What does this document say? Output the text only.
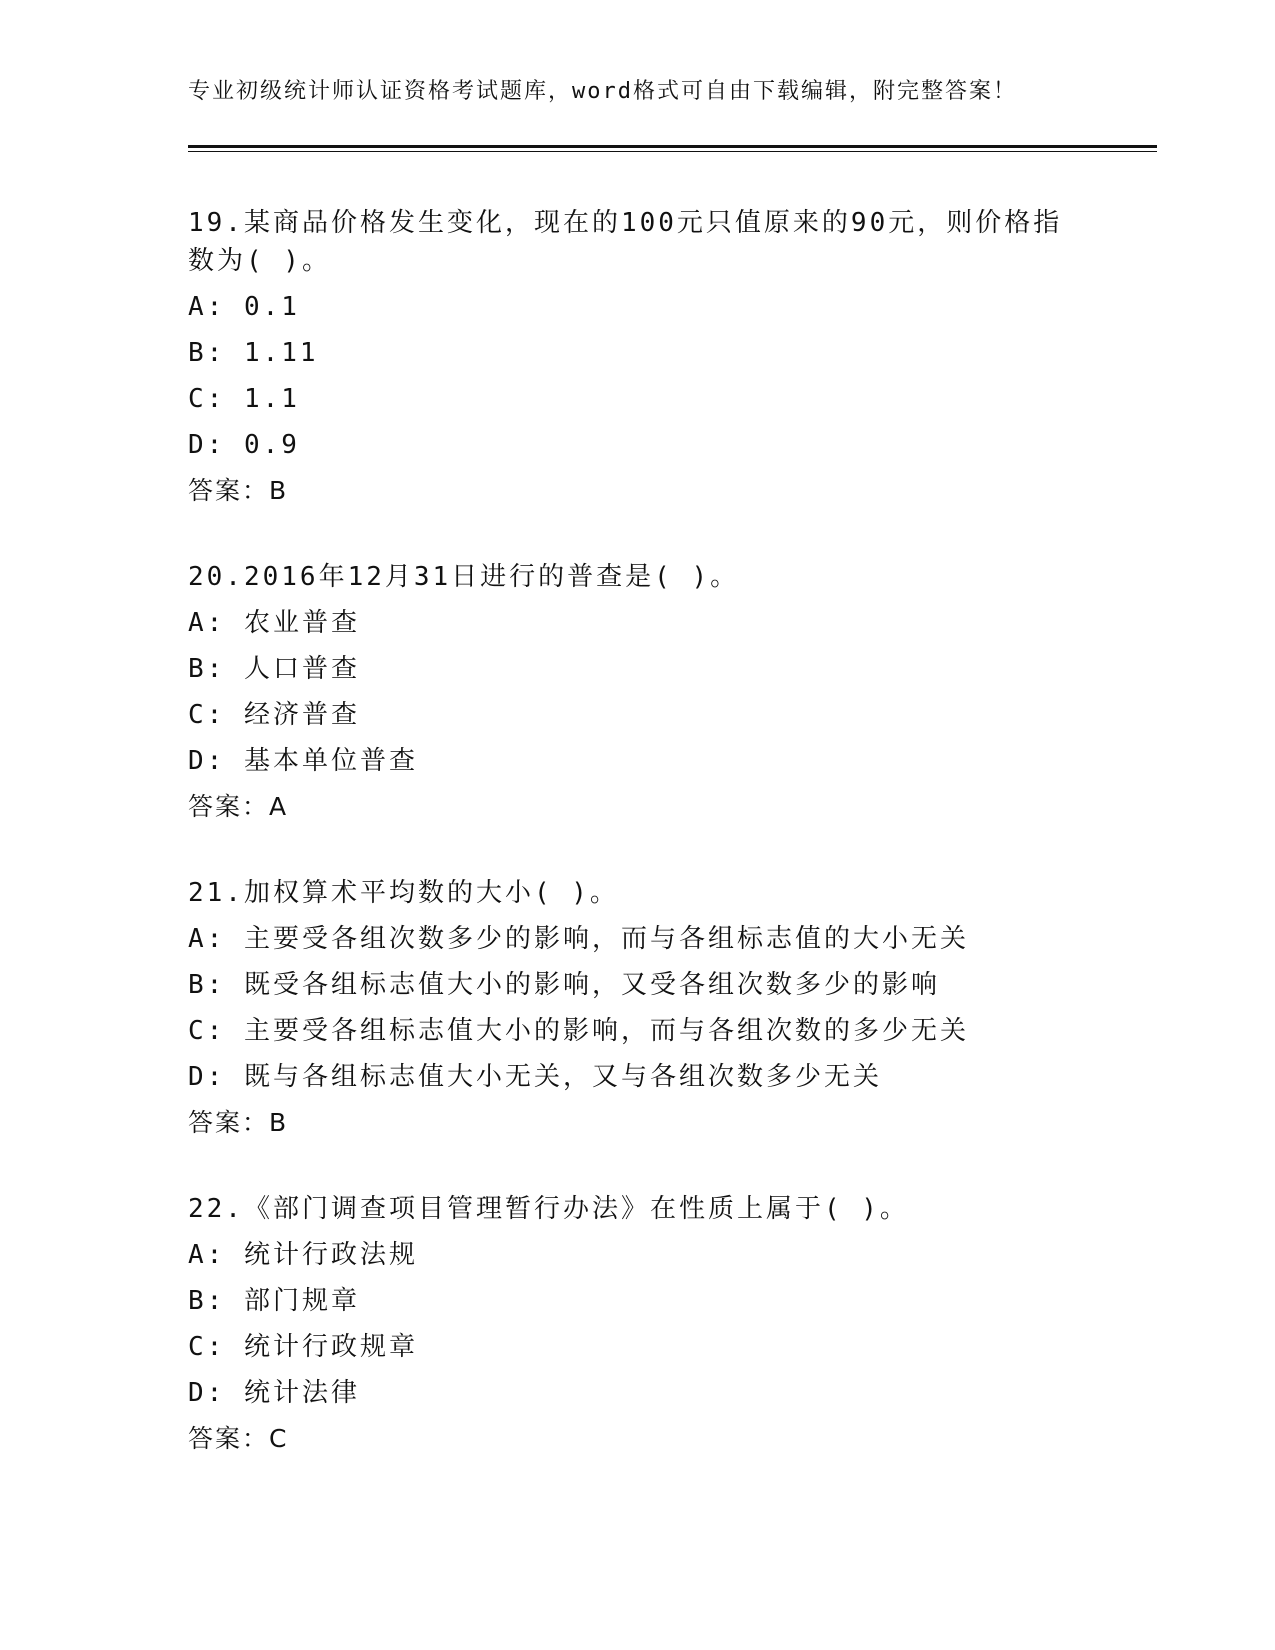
专业初级统计师认证资格考试题库，word格式可自由下载编辑，附完整答案！
19.某商品价格发生变化，现在的100元只值原来的90元，则价格指数为( )。
A: 0.1
B: 1.11
C: 1.1
D: 0.9
答案：B
20.2016年12月31日进行的普查是( )。
A: 农业普查
B: 人口普查
C: 经济普查
D: 基本单位普查
答案：A
21.加权算术平均数的大小( )。
A: 主要受各组次数多少的影响，而与各组标志值的大小无关
B: 既受各组标志值大小的影响，又受各组次数多少的影响
C: 主要受各组标志值大小的影响，而与各组次数的多少无关
D: 既与各组标志值大小无关，又与各组次数多少无关
答案：B
22.《部门调查项目管理暂行办法》在性质上属于( )。
A: 统计行政法规
B: 部门规章
C: 统计行政规章
D: 统计法律
答案：C
